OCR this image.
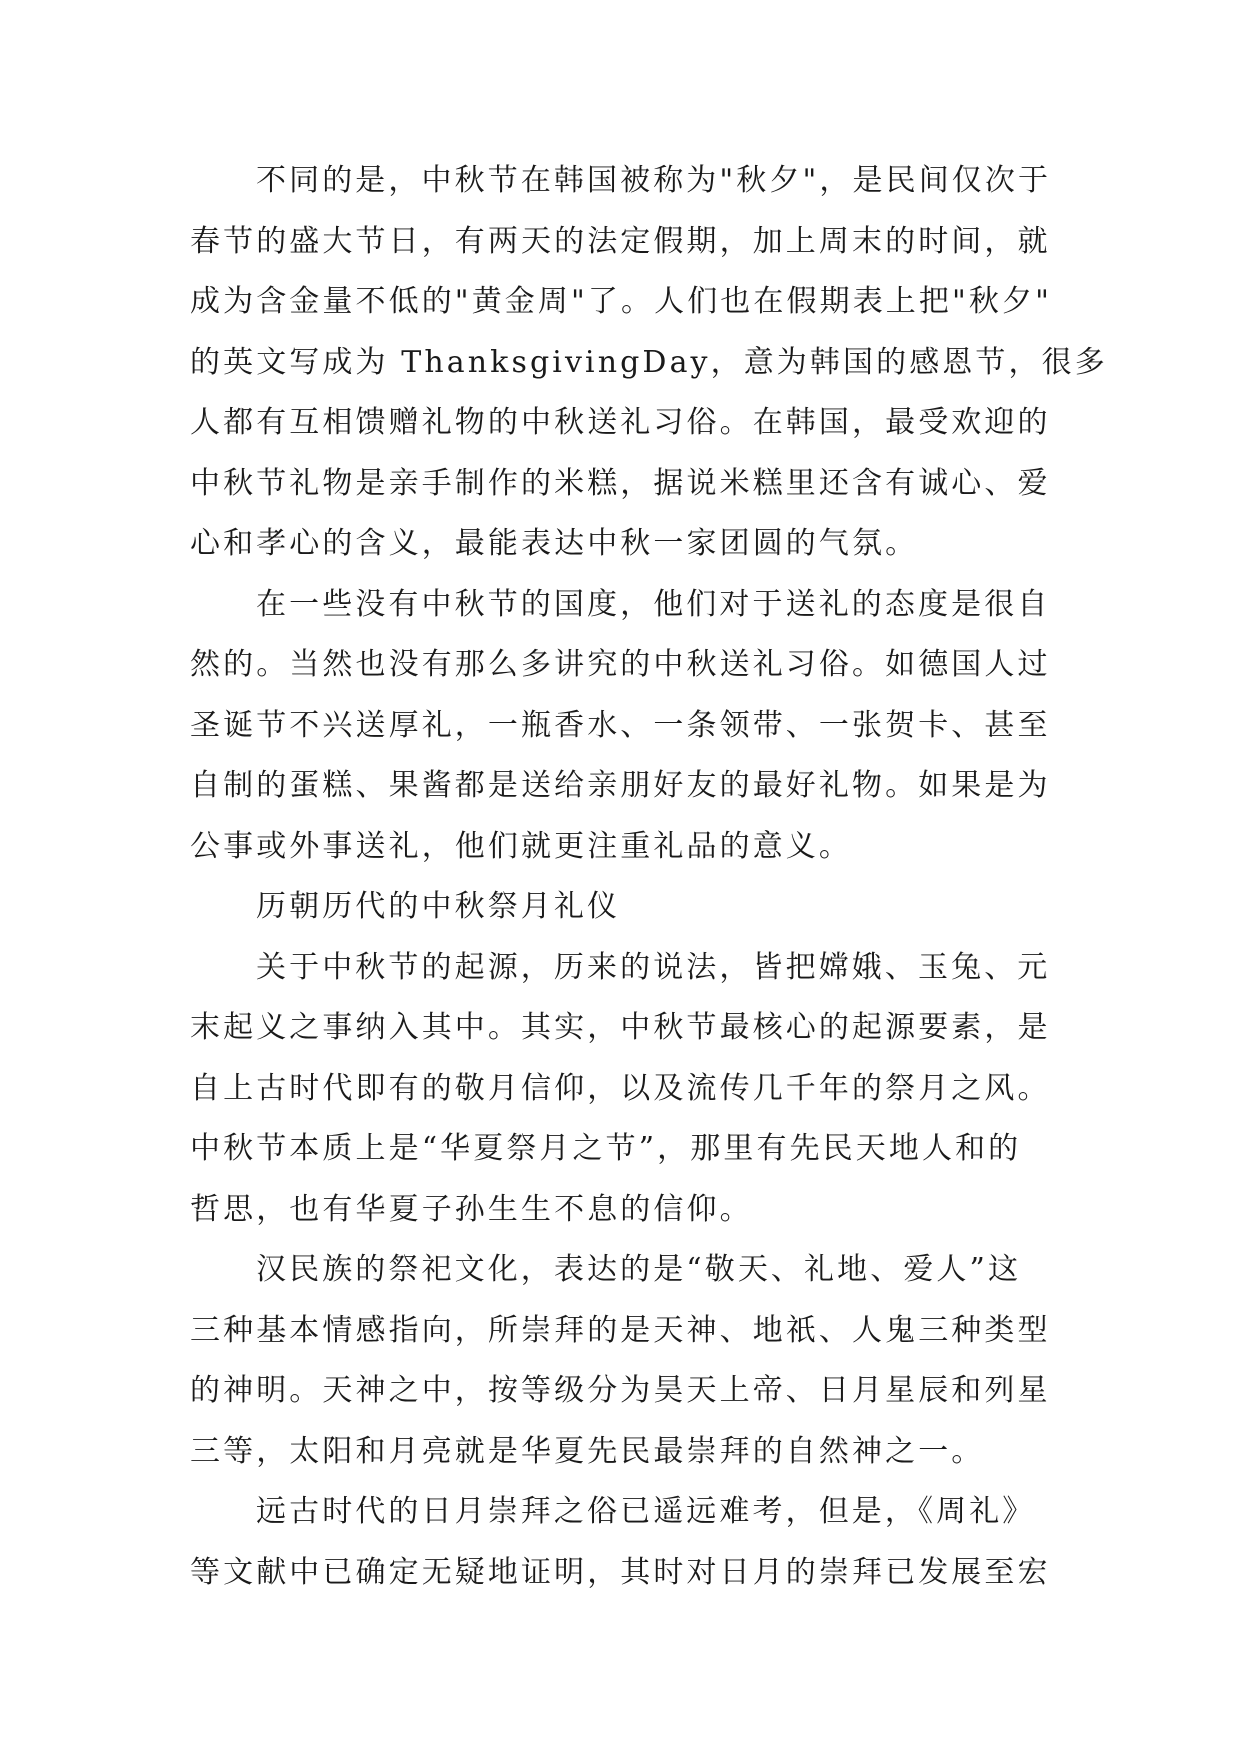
不同的是，中秋节在韩国被称为"秋夕"，是民间仅次于
春节的盛大节日，有两天的法定假期，加上周末的时间，就
成为含金量不低的"黄金周"了。人们也在假期表上把"秋夕"
的英文写成为 ThanksgivingDay，意为韩国的感恩节，很多
人都有互相馈赠礼物的中秋送礼习俗。在韩国，最受欢迎的
中秋节礼物是亲手制作的米糕，据说米糕里还含有诚心、爱
心和孝心的含义，最能表达中秋一家团圆的气氛。
在一些没有中秋节的国度，他们对于送礼的态度是很自
然的。当然也没有那么多讲究的中秋送礼习俗。如德国人过
圣诞节不兴送厚礼，一瓶香水、一条领带、一张贺卡、甚至
自制的蛋糕、果酱都是送给亲朋好友的最好礼物。如果是为
公事或外事送礼，他们就更注重礼品的意义。
历朝历代的中秋祭月礼仪
关于中秋节的起源，历来的说法，皆把嫦娥、玉兔、元
末起义之事纳入其中。其实，中秋节最核心的起源要素，是
自上古时代即有的敬月信仰，以及流传几千年的祭月之风。
中秋节本质上是“华夏祭月之节”，那里有先民天地人和的
哲思，也有华夏子孙生生不息的信仰。
汉民族的祭祀文化，表达的是“敬天、礼地、爱人”这
三种基本情感指向，所崇拜的是天神、地祇、人鬼三种类型
的神明。天神之中，按等级分为昊天上帝、日月星辰和列星
三等，太阳和月亮就是华夏先民最崇拜的自然神之一。
远古时代的日月崇拜之俗已遥远难考，但是，《周礼》
等文献中已确定无疑地证明，其时对日月的崇拜已发展至宏
